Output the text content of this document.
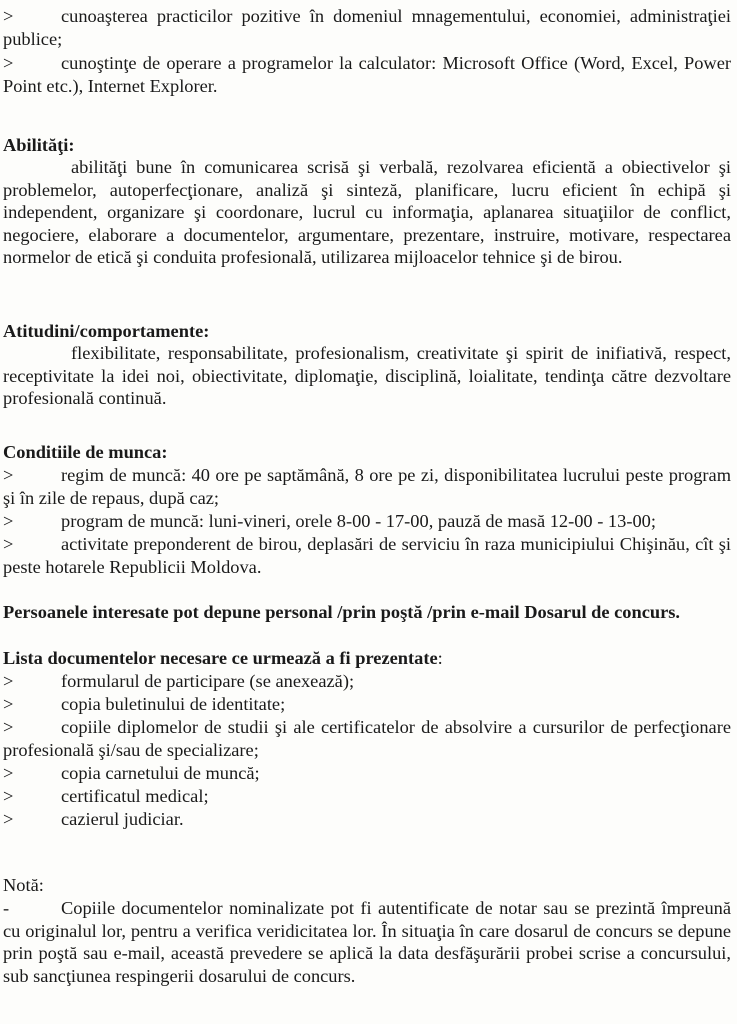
>	cunoaşterea practicilor pozitive în domeniul mnagementului, economiei, administraţiei publice;

>	cunoştinţe de operare a programelor la calculator: Microsoft Office (Word, Excel, Power Point etc.), Internet Explorer.

Abilităţi:

abilităţi bune în comunicarea scrisă şi verbală, rezolvarea eficientă a obiectivelor şi problemelor, autoperfecţionare, analiză şi sinteză, planificare, lucru eficient în echipă şi independent, organizare şi coordonare, lucrul cu informaţia, aplanarea situaţiilor de conflict, negociere, elaborare a documentelor, argumentare, prezentare, instruire, motivare, respectarea normelor de etică şi conduita profesională, utilizarea mijloacelor tehnice şi de birou.

Atitudini/comportamente:

flexibilitate, responsabilitate, profesionalism, creativitate şi spirit de inifiativă, respect, receptivitate la idei noi, obiectivitate, diplomaţie, disciplină, loialitate, tendinţa către dezvoltare profesională continuă.

Conditiile de munca:

>	regim de muncă: 40 ore pe saptămână, 8 ore pe zi, disponibilitatea lucrului peste program şi în zile de repaus, după caz;

>	program de muncă: luni-vineri, orele 8-00 - 17-00, pauză de masă 12-00 - 13-00;

>	activitate preponderent de birou, deplasări de serviciu în raza municipiului Chişinău, cît şi peste hotarele Republicii Moldova.

Persoanele interesate pot depune personal /prin poştă /prin e-mail Dosarul de concurs.

Lista documentelor necesare ce urmează a fi prezentate:

>	formularul de participare (se anexează);

>	copia buletinului de identitate;

>	copiile diplomelor de studii şi ale certificatelor de absolvire a cursurilor de perfecţionare profesională şi/sau de specializare;

>	copia carnetului de muncă;

>	certificatul medical;

>	cazierul judiciar.

Notă:

-	Copiile documentelor nominalizate pot fi autentificate de notar sau se prezintă împreună cu originalul lor, pentru a verifica veridicitatea lor. În situaţia în care dosarul de concurs se depune prin poştă sau e-mail, această prevedere se aplică la data desfăşurării probei scrise a concursului, sub sancţiunea respingerii dosarului de concurs.
